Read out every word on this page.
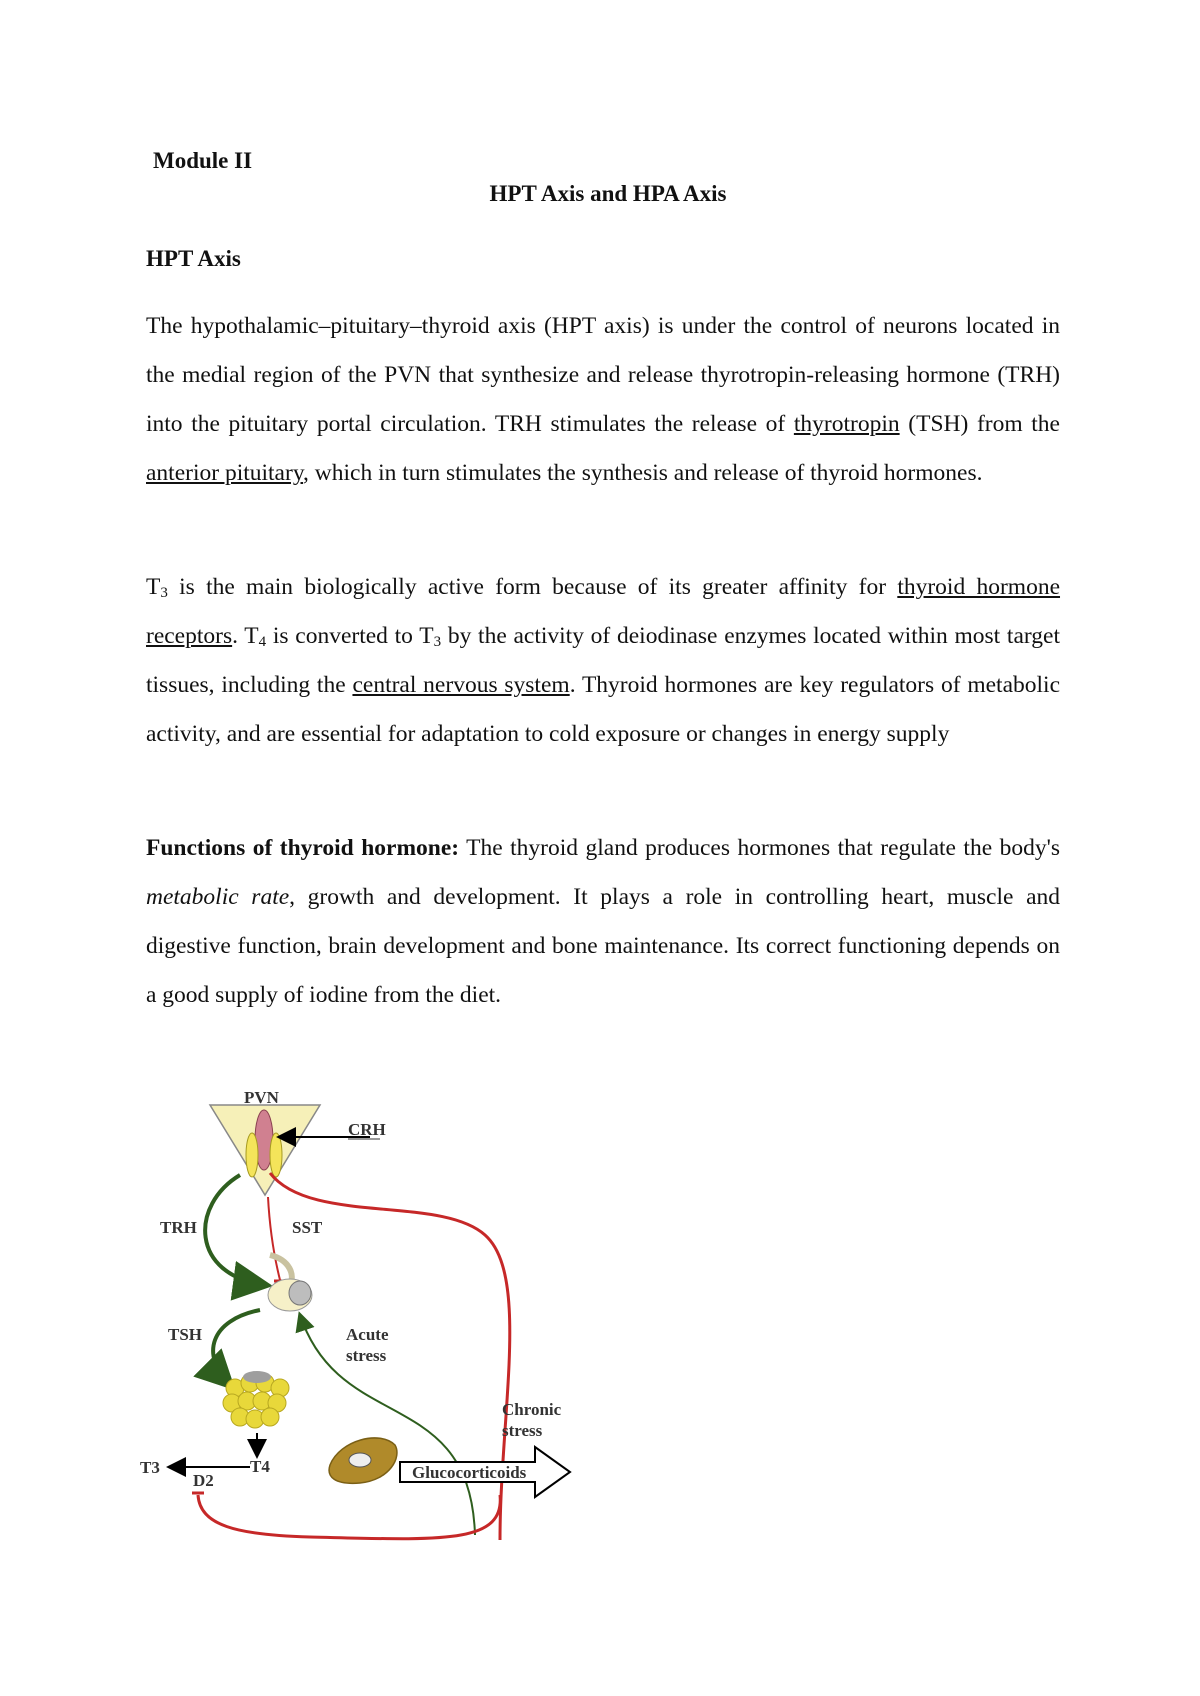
Module II
HPT Axis and HPA Axis
HPT Axis
The hypothalamic–pituitary–thyroid axis (HPT axis) is under the control of neurons located in the medial region of the PVN that synthesize and release thyrotropin-releasing hormone (TRH) into the pituitary portal circulation. TRH stimulates the release of thyrotropin (TSH) from the anterior pituitary, which in turn stimulates the synthesis and release of thyroid hormones.
$T_3$ is the main biologically active form because of its greater affinity for thyroid hormone receptors. $T_4$ is converted to $T_3$ by the activity of deiodinase enzymes located within most target tissues, including the central nervous system. Thyroid hormones are key regulators of metabolic activity, and are essential for adaptation to cold exposure or changes in energy supply
Functions of thyroid hormone: The thyroid gland produces hormones that regulate the body's metabolic rate, growth and development. It plays a role in controlling heart, muscle and digestive function, brain development and bone maintenance. Its correct functioning depends on a good supply of iodine from the diet.
PVN
CRH
TRH	SST
TSH	Acute
stress
Chronic
stress
T3	T4
D2	Glucocorticoids
